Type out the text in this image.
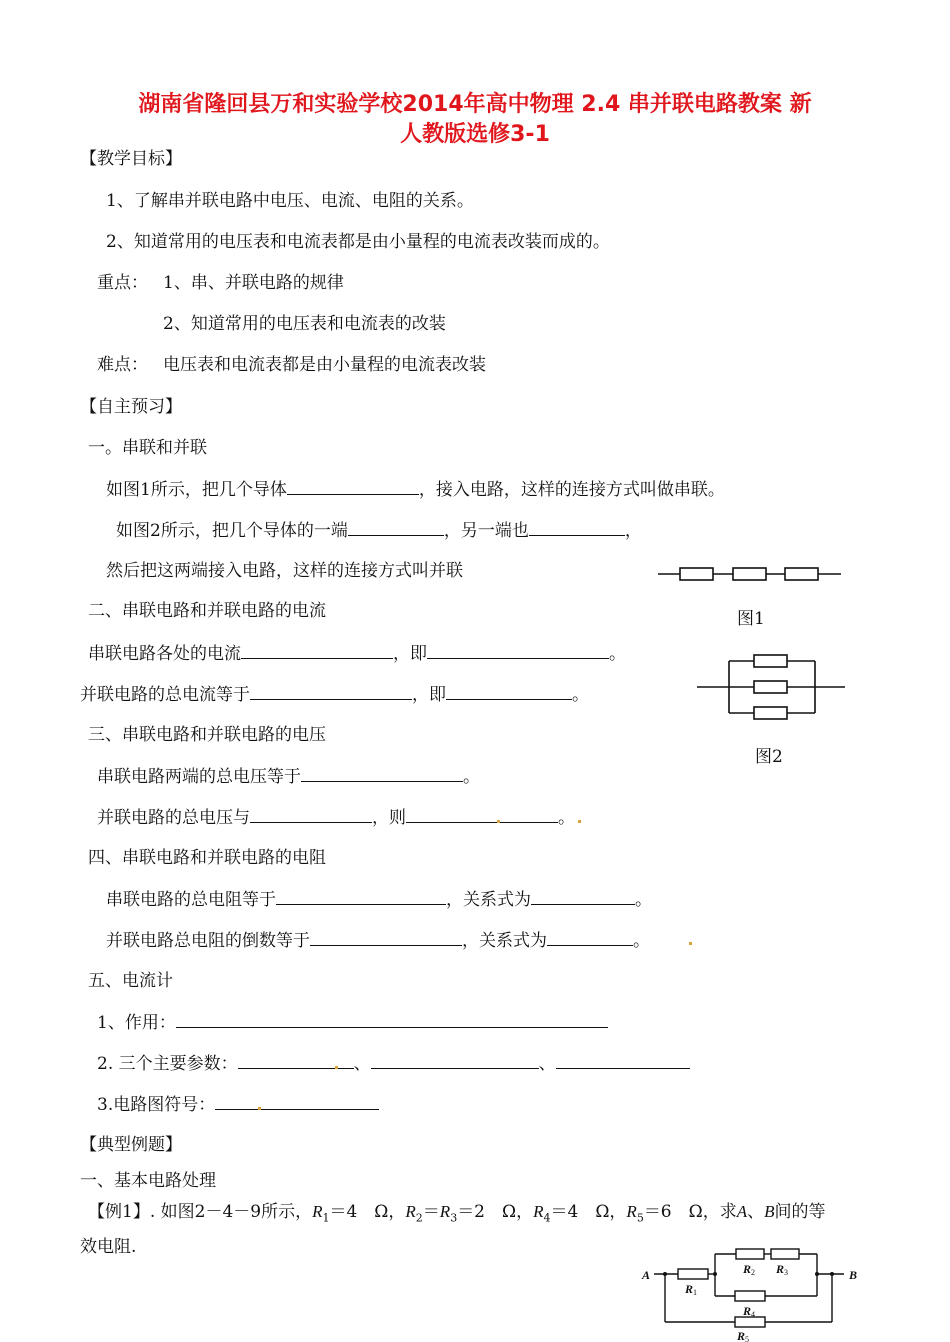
湖南省隆回县万和实验学校2014年高中物理 2.4 串并联电路教案 新
人教版选修3-1
【教学目标】
1、了解串并联电路中电压、电流、电阻的关系。
2、知道常用的电压表和电流表都是由小量程的电流表改装而成的。
重点： 1、串、并联电路的规律
2、知道常用的电压表和电流表的改装
难点： 电压表和电流表都是由小量程的电流表改装
【自主预习】
一。串联和并联
如图1所示，把几个导体	，接入电路，这样的连接方式叫做串联。
如图2所示，把几个导体的一端	，另一端也	，
然后把这两端接入电路，这样的连接方式叫并联
二、串联电路和并联电路的电流
串联电路各处的电流	，即	。
并联电路的总电流等于	，即	。
三、串联电路和并联电路的电压
串联电路两端的总电压等于	。
并联电路的总电压与	，则	。
四、串联电路和并联电路的电阻
串联电路的总电阻等于	，关系式为	。
并联电路总电阻的倒数等于	，关系式为	。
五、电流计
1、作用：
2. 三个主要参数：	、	、
3.电路图符号：
【典型例题】
一、基本电路处理
【例1】. 如图2－4－9所示，$R_1=4$　Ω，$R_2=R_3=2$　Ω，$R_4=4$　Ω，$R_5=6$　Ω，求A、B间的等
效电阻.
图1
图2
A	B
R
R R
R
R
1
2	3
4
5
